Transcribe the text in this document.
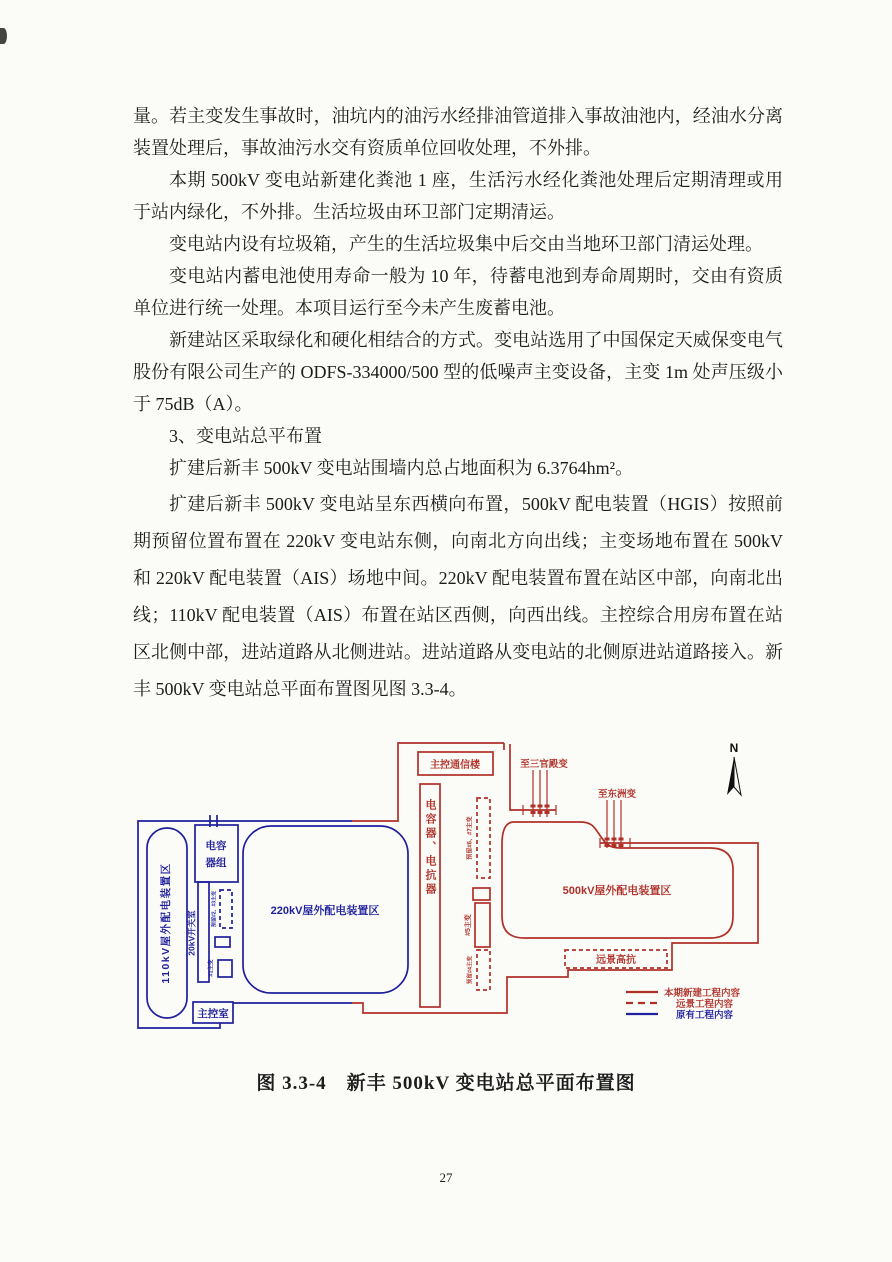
量。若主变发生事故时，油坑内的油污水经排油管道排入事故油池内，经油水分离装置处理后，事故油污水交有资质单位回收处理，不外排。

本期 500kV 变电站新建化粪池 1 座，生活污水经化粪池处理后定期清理或用于站内绿化，不外排。生活垃圾由环卫部门定期清运。

变电站内设有垃圾箱，产生的生活垃圾集中后交由当地环卫部门清运处理。

变电站内蓄电池使用寿命一般为 10 年，待蓄电池到寿命周期时，交由有资质单位进行统一处理。本项目运行至今未产生废蓄电池。

新建站区采取绿化和硬化相结合的方式。变电站选用了中国保定天威保变电气股份有限公司生产的 ODFS-334000/500 型的低噪声主变设备，主变 1m 处声压级小于 75dB（A）。

3、变电站总平布置

扩建后新丰 500kV 变电站围墙内总占地面积为 6.3764hm²。

扩建后新丰 500kV 变电站呈东西横向布置，500kV 配电装置（HGIS）按照前期预留位置布置在 220kV 变电站东侧，向南北方向出线；主变场地布置在 500kV 和 220kV 配电装置（AIS）场地中间。220kV 配电装置布置在站区中部，向南北出线；110kV 配电装置（AIS）布置在站区西侧，向西出线。主控综合用房布置在站区北侧中部，进站道路从北侧进站。进站道路从变电站的北侧原进站道路接入。新丰 500kV 变电站总平面布置图见图 3.3-4。

110kV屋外配电装置区
电容
器组
20kV开关室
预留#2、#3主变
#1主变
主控室
220kV屋外配电装置区
主控通信楼	至三官殿变
至东洲变
500kV屋外配电装置区
电容器、电抗器	预留#6、#7主变
#5主变
预留#4主变	远景高抗
N
本期新建工程内容
远景工程内容
原有工程内容
图 3.3-4　新丰 500kV 变电站总平面布置图
27
